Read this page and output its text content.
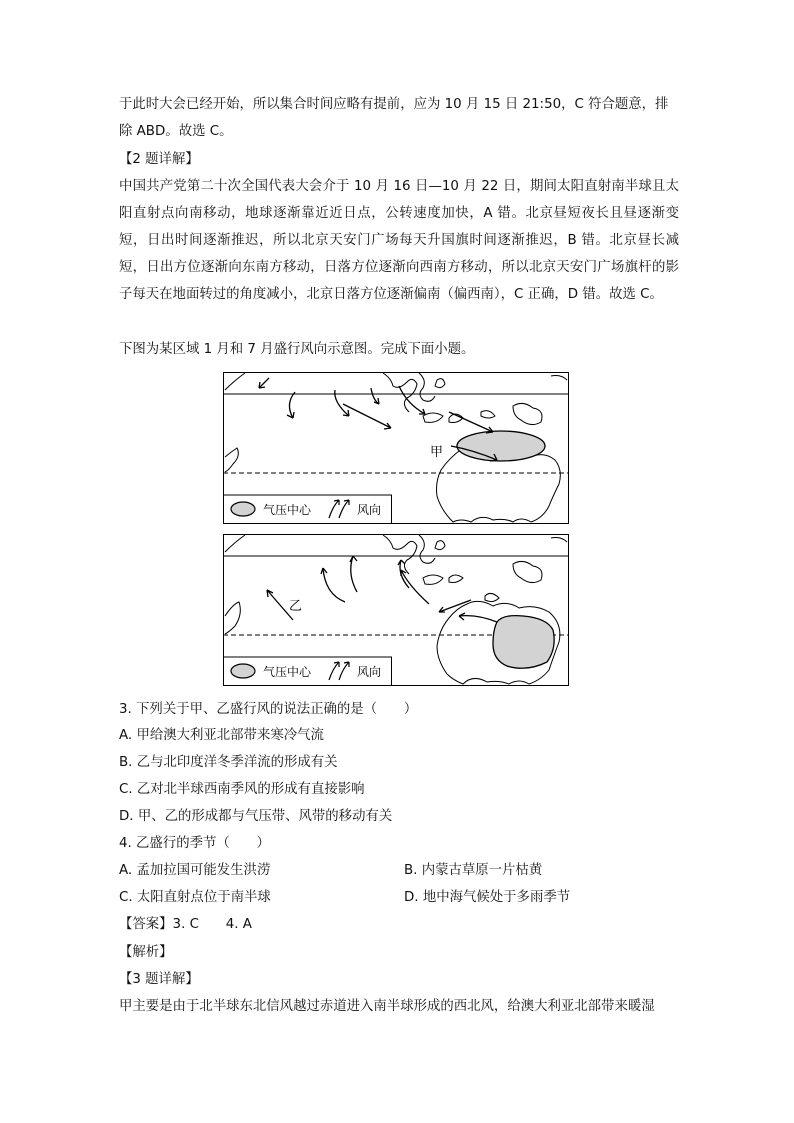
于此时大会已经开始，所以集合时间应略有提前，应为 10 月 15 日 21:50，C 符合题意，排

除 ABD。故选 C。

【2 题详解】

中国共产党第二十次全国代表大会介于 10 月 16 日—10 月 22 日，期间太阳直射南半球且太阳直射点向南移动，地球逐渐靠近近日点，公转速度加快，A 错。北京昼短夜长且昼逐渐变短，日出时间逐渐推迟，所以北京天安门广场每天升国旗时间逐渐推迟，B 错。北京昼长减短，日出方位逐渐向东南方移动，日落方位逐渐向西南方移动，所以北京天安门广场旗杆的影子每天在地面转过的角度减小，北京日落方位逐渐偏南（偏西南），C 正确，D 错。故选 C。

下图为某区域 1 月和 7 月盛行风向示意图。完成下面小题。

甲
气压中心	风向
乙
气压中心	风向

3. 下列关于甲、乙盛行风的说法正确的是（　　）

A. 甲给澳大利亚北部带来寒冷气流

B. 乙与北印度洋冬季洋流的形成有关

C. 乙对北半球西南季风的形成有直接影响

D. 甲、乙的形成都与气压带、风带的移动有关

4. 乙盛行的季节（　　）

A. 孟加拉国可能发生洪涝	B. 内蒙古草原一片枯黄
C. 太阳直射点位于南半球	D. 地中海气候处于多雨季节

【答案】3. C　　4. A

【解析】

【3 题详解】

甲主要是由于北半球东北信风越过赤道进入南半球形成的西北风，给澳大利亚北部带来暖湿
